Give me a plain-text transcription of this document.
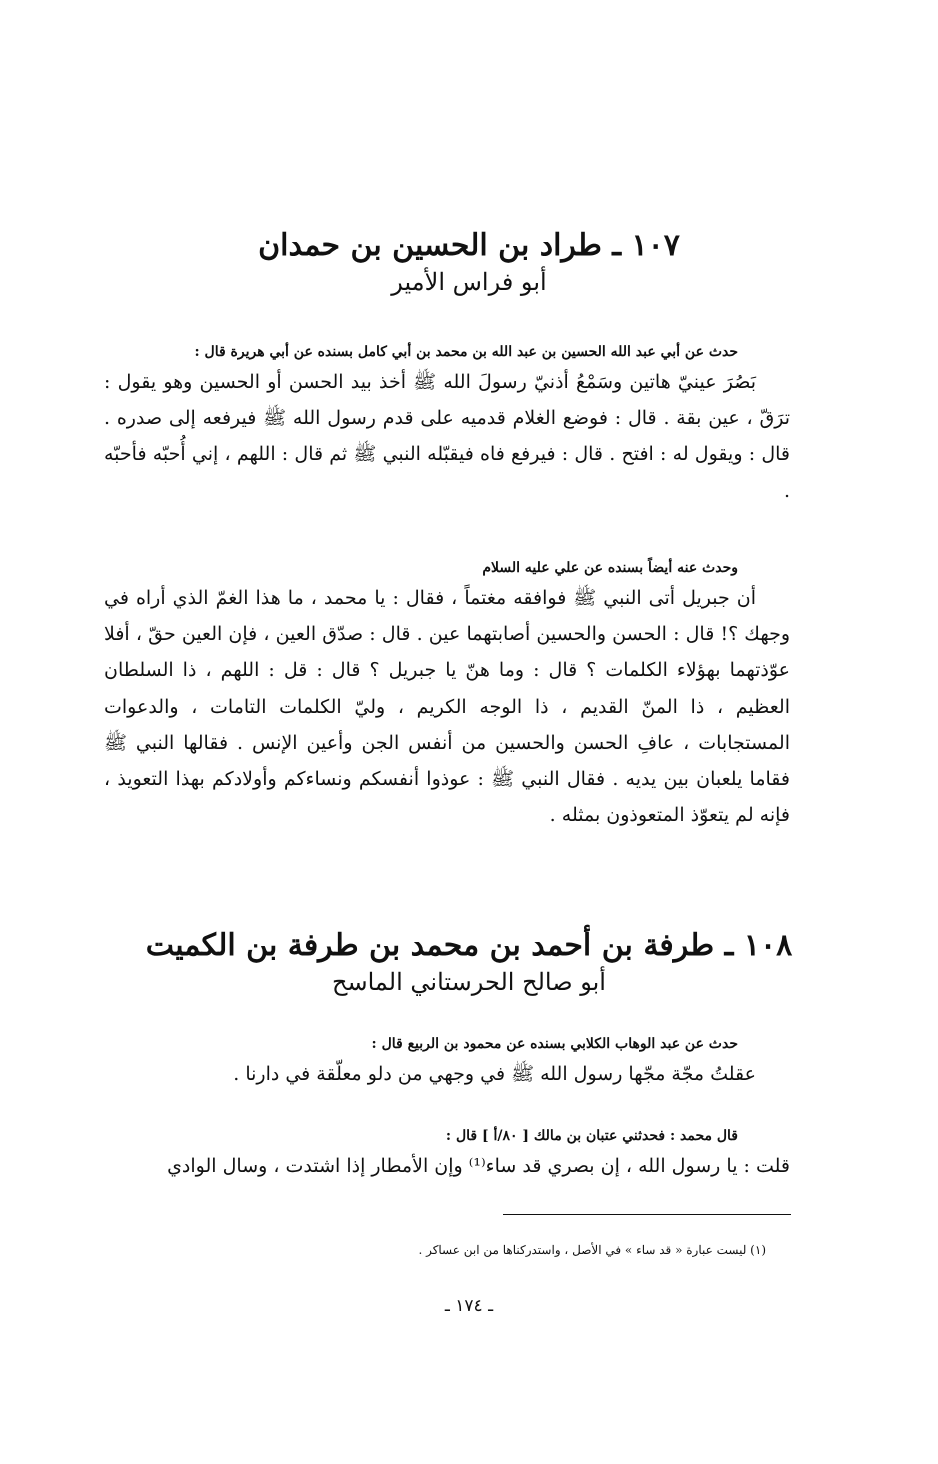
١٠٧ ـ طراد بن الحسين بن حمدان
أبو فراس الأمير
حدث عن أبي عبد الله الحسين بن عبد الله بن محمد بن أبي كامل بسنده عن أبي هريرة قال :
بَصُرَ عينيّ هاتين وسَمْعُ أذنيّ رسولَ الله ﷺ أخذ بيد الحسن أو الحسين وهو يقول : ترَقّ ، عين بقة . قال : فوضع الغلام قدميه على قدم رسول الله ﷺ فيرفعه إلى صدره . قال : ويقول له : افتح . قال : فيرفع فاه فيقبّله النبي ﷺ ثم قال : اللهم ، إني أُحبّه فأحبّه .
وحدث عنه أيضاً بسنده عن علي عليه السلام
أن جبريل أتى النبي ﷺ فوافقه مغتماً ، فقال : يا محمد ، ما هذا الغمّ الذي أراه في وجهك ؟! قال : الحسن والحسين أصابتهما عين . قال : صدّق العين ، فإن العين حقّ ، أفلا عوّذتهما بهؤلاء الكلمات ؟ قال : وما هنّ يا جبريل ؟ قال : قل : اللهم ، ذا السلطان العظيم ، ذا المنّ القديم ، ذا الوجه الكريم ، وليّ الكلمات التامات ، والدعوات المستجابات ، عافِ الحسن والحسين من أنفس الجن وأعين الإنس . فقالها النبي ﷺ فقاما يلعبان بين يديه . فقال النبي ﷺ : عوذوا أنفسكم ونساءكم وأولادكم بهذا التعويذ ، فإنه لم يتعوّذ المتعوذون بمثله .
١٠٨ ـ طرفة بن أحمد بن محمد بن طرفة بن الكميت
أبو صالح الحرستاني الماسح
حدث عن عبد الوهاب الكلابي بسنده عن محمود بن الربيع قال :
عقلتُ مجّة مجّها رسول الله ﷺ في وجهي من دلو معلّقة في دارنا .
قال محمد : فحدثني عتبان بن مالك [ ٨٠/أ ] قال :
قلت : يا رسول الله ، إن بصري قد ساء⁽¹⁾ وإن الأمطار إذا اشتدت ، وسال الوادي
(١) ليست عبارة « قد ساء » في الأصل ، واستدركناها من ابن عساكر .
ـ ١٧٤ ـ
